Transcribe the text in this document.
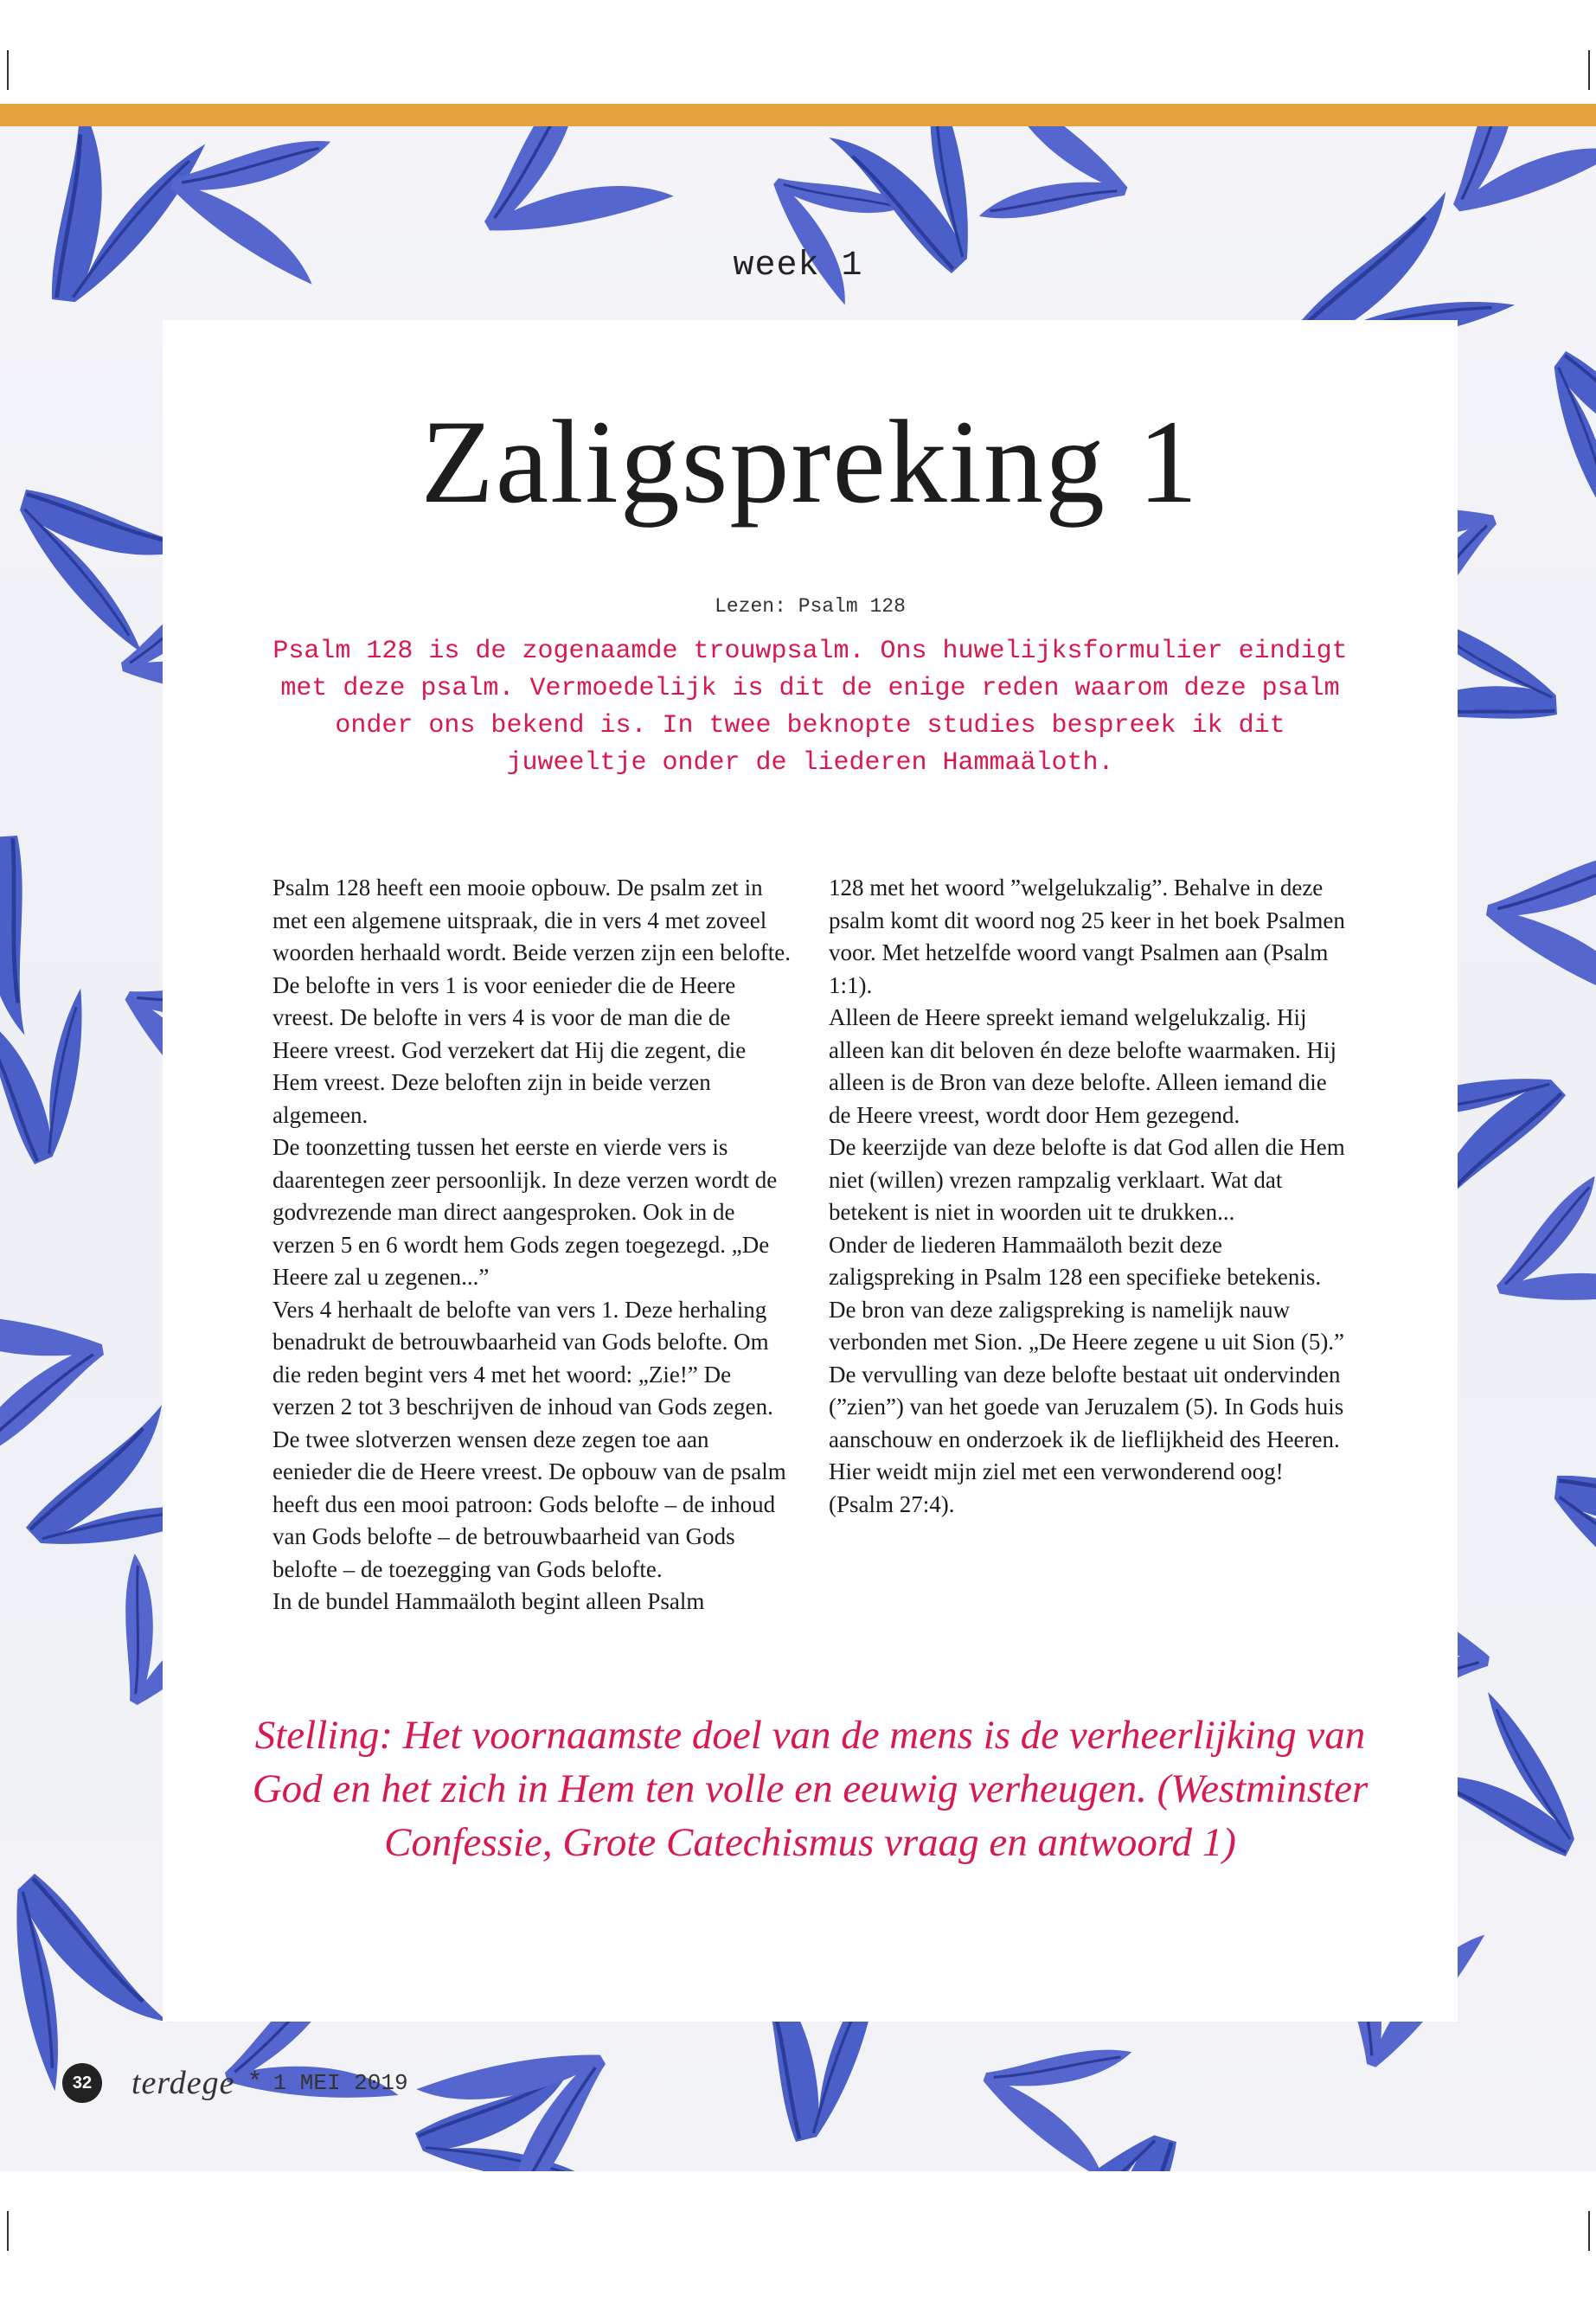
week 1
Zaligspreking 1
Lezen: Psalm 128
Psalm 128 is de zogenaamde trouwpsalm. Ons huwelijksformulier eindigt met deze psalm. Vermoedelijk is dit de enige reden waarom deze psalm onder ons bekend is. In twee beknopte studies bespreek ik dit juweeltje onder de liederen Hammaäloth.

Psalm 128 heeft een mooie opbouw. De psalm zet in met een algemene uitspraak, die in vers 4 met zoveel woorden herhaald wordt. Beide verzen zijn een belofte. De belofte in vers 1 is voor eenieder die de Heere vreest. De belofte in vers 4 is voor de man die de Heere vreest. God verzekert dat Hij die zegent, die Hem vreest. Deze beloften zijn in beide verzen algemeen.

De toonzetting tussen het eerste en vierde vers is daarentegen zeer persoonlijk. In deze verzen wordt de godvrezende man direct aangesproken. Ook in de verzen 5 en 6 wordt hem Gods zegen toegezegd. „De Heere zal u zegenen...”

Vers 4 herhaalt de belofte van vers 1. Deze herhaling benadrukt de betrouwbaarheid van Gods belofte. Om die reden begint vers 4 met het woord: „Zie!” De verzen 2 tot 3 beschrijven de inhoud van Gods zegen. De twee slotverzen wensen deze zegen toe aan eenieder die de Heere vreest. De opbouw van de psalm heeft dus een mooi patroon: Gods belofte – de inhoud van Gods belofte – de betrouwbaarheid van Gods belofte – de toezegging van Gods belofte.

In de bundel Hammaäloth begint alleen Psalm

128 met het woord ”welgelukzalig”. Behalve in deze psalm komt dit woord nog 25 keer in het boek Psalmen voor. Met hetzelfde woord vangt Psalmen aan (Psalm 1:1).

Alleen de Heere spreekt iemand welgelukzalig. Hij alleen kan dit beloven én deze belofte waarmaken. Hij alleen is de Bron van deze belofte. Alleen iemand die de Heere vreest, wordt door Hem gezegend.

De keerzijde van deze belofte is dat God allen die Hem niet (willen) vrezen rampzalig verklaart. Wat dat betekent is niet in woorden uit te drukken...

Onder de liederen Hammaäloth bezit deze zaligspreking in Psalm 128 een specifieke betekenis. De bron van deze zaligspreking is namelijk nauw verbonden met Sion. „De Heere zegene u uit Sion (5).” De vervulling van deze belofte bestaat uit ondervinden (”zien”) van het goede van Jeruzalem (5). In Gods huis aanschouw en onderzoek ik de lieflijkheid des Heeren. Hier weidt mijn ziel met een verwonderend oog! (Psalm 27:4).

Stelling: Het voornaamste doel van de mens is de verheerlijking van God en het zich in Hem ten volle en eeuwig verheugen. (Westminster Confessie, Grote Catechismus vraag en antwoord 1)
32	terdege * 1 MEI 2019
